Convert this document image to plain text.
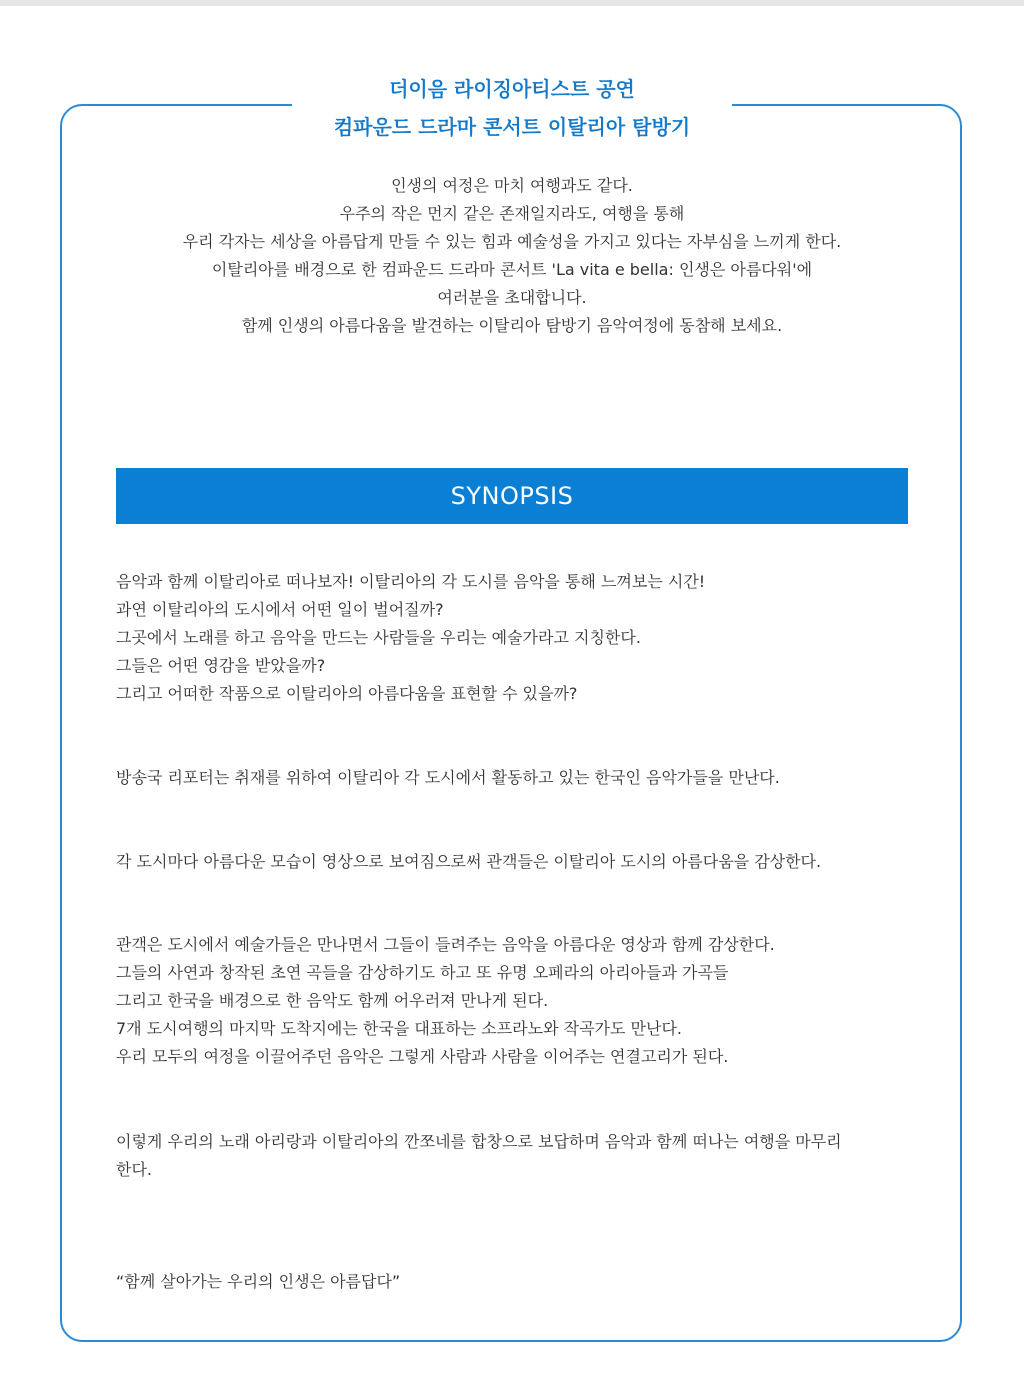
더이음 라이징아티스트 공연
컴파운드 드라마 콘서트 이탈리아 탐방기
인생의 여정은 마치 여행과도 같다.
우주의 작은 먼지 같은 존재일지라도, 여행을 통해
우리 각자는 세상을 아름답게 만들 수 있는 힘과 예술성을 가지고 있다는 자부심을 느끼게 한다.
이탈리아를 배경으로 한 컴파운드 드라마 콘서트 'La vita e bella: 인생은 아름다워'에
여러분을 초대합니다.
함께 인생의 아름다움을 발견하는 이탈리아 탐방기 음악여정에 동참해 보세요.
SYNOPSIS
음악과 함께 이탈리아로 떠나보자! 이탈리아의 각 도시를 음악을 통해 느껴보는 시간!
과연 이탈리아의 도시에서 어떤 일이 벌어질까?
그곳에서 노래를 하고 음악을 만드는 사람들을 우리는 예술가라고 지칭한다.
그들은 어떤 영감을 받았을까?
그리고 어떠한 작품으로 이탈리아의 아름다움을 표현할 수 있을까?
방송국 리포터는 취재를 위하여 이탈리아 각 도시에서 활동하고 있는 한국인 음악가들을 만난다.
각 도시마다 아름다운 모습이 영상으로 보여짐으로써 관객들은 이탈리아 도시의 아름다움을 감상한다.
관객은 도시에서 예술가들은 만나면서 그들이 들려주는 음악을 아름다운 영상과 함께 감상한다.
그들의 사연과 창작된 초연 곡들을 감상하기도 하고 또 유명 오페라의 아리아들과 가곡들
그리고 한국을 배경으로 한 음악도 함께 어우러져 만나게 된다.
7개 도시여행의 마지막 도착지에는 한국을 대표하는 소프라노와 작곡가도 만난다.
우리 모두의 여정을 이끌어주던 음악은 그렇게 사람과 사람을 이어주는 연결고리가 된다.
이렇게 우리의 노래 아리랑과 이탈리아의 깐쪼네를 합창으로 보답하며 음악과 함께 떠나는 여행을 마무리
한다.
“함께 살아가는 우리의 인생은 아름답다”
